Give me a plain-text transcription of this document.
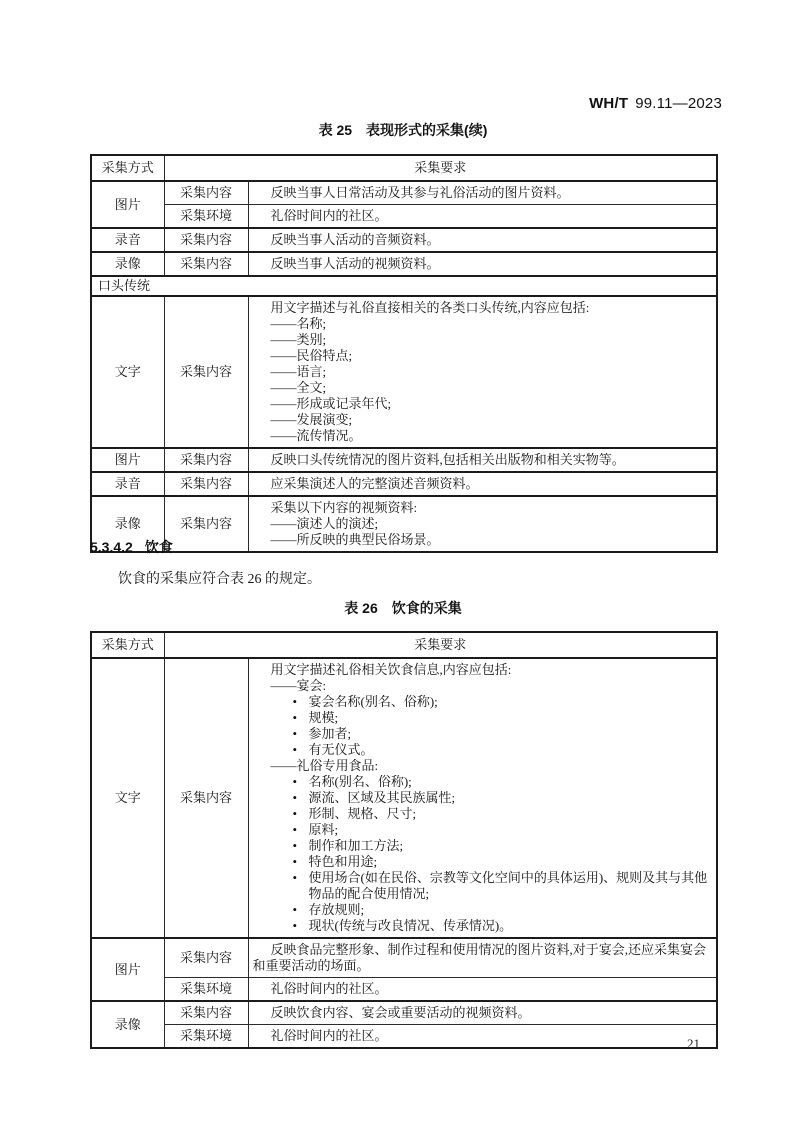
WH/T 99.11—2023
表 25　表现形式的采集(续)
采集方式	采集要求	
图片	采集内容	反映当事人日常活动及其参与礼俗活动的图片资料。
	采集环境	礼俗时间内的社区。
录音	采集内容	反映当事人活动的音频资料。
录像	采集内容	反映当事人活动的视频资料。
口头传统		
文字	采集内容	
用文字描述与礼俗直接相关的各类口头传统,内容应包括:
——名称;
——类别;
——民俗特点;
——语言;
——全文;
——形成或记录年代;
——发展演变;
——流传情况。

图片	采集内容	反映口头传统情况的图片资料,包括相关出版物和相关实物等。
录音	采集内容	应采集演述人的完整演述音频资料。
录像	采集内容	采集以下内容的视频资料:
——演述人的演述;
——所反映的典型民俗场景。
5.3.4.2 饮食
饮食的采集应符合表 26 的规定。
表 26　饮食的采集
采集方式	采集要求	
文字	采集内容	
用文字描述礼俗相关饮食信息,内容应包括:
——宴会:
• 宴会名称(别名、俗称);
• 规模;
• 参加者;
• 有无仪式。
——礼俗专用食品:
• 名称(别名、俗称);
• 源流、区域及其民族属性;
• 形制、规格、尺寸;
• 原料;
• 制作和加工方法;
• 特色和用途;
• 使用场合(如在民俗、宗教等文化空间中的具体运用)、规则及其与其他物品的配合使用情况;
• 存放规则;
• 现状(传统与改良情况、传承情况)。

图片	采集内容	反映食品完整形象、制作过程和使用情况的图片资料,对于宴会,还应采集宴会和重要活动的场面。
	采集环境	礼俗时间内的社区。
录像	采集内容	反映饮食内容、宴会或重要活动的视频资料。
	采集环境	礼俗时间内的社区。
21
